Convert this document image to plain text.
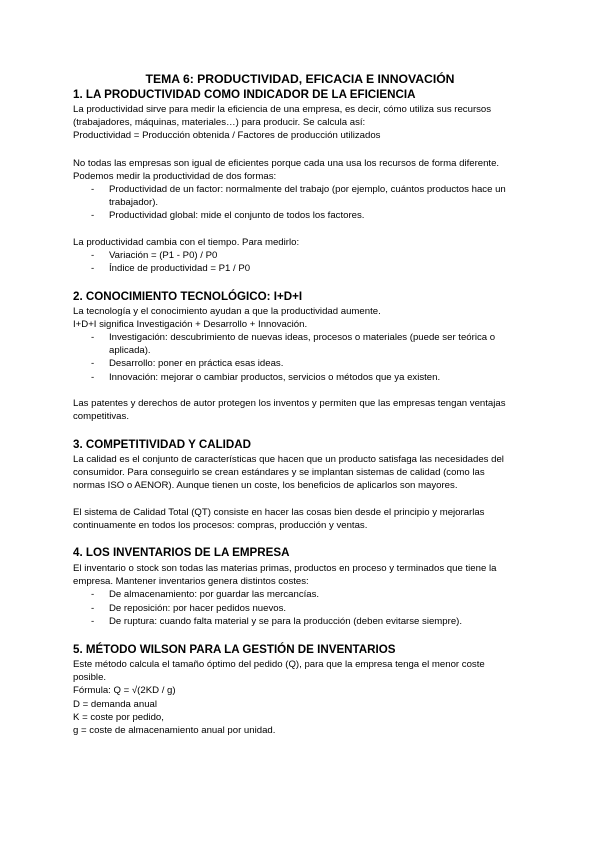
TEMA 6: PRODUCTIVIDAD, EFICACIA E INNOVACIÓN
1. LA PRODUCTIVIDAD COMO INDICADOR DE LA EFICIENCIA
La productividad sirve para medir la eficiencia de una empresa, es decir, cómo utiliza sus recursos
(trabajadores, máquinas, materiales…) para producir. Se calcula así:
Productividad = Producción obtenida / Factores de producción utilizados
No todas las empresas son igual de eficientes porque cada una usa los recursos de forma diferente.
Podemos medir la productividad de dos formas:
- Productividad de un factor: normalmente del trabajo (por ejemplo, cuántos productos hace un
trabajador).
- Productividad global: mide el conjunto de todos los factores.
La productividad cambia con el tiempo. Para medirlo:
- Variación = (P1 - P0) / P0
- Índice de productividad = P1 / P0
2. CONOCIMIENTO TECNOLÓGICO: I+D+I
La tecnología y el conocimiento ayudan a que la productividad aumente.
I+D+I significa Investigación + Desarrollo + Innovación.
- Investigación: descubrimiento de nuevas ideas, procesos o materiales (puede ser teórica o
aplicada).
- Desarrollo: poner en práctica esas ideas.
- Innovación: mejorar o cambiar productos, servicios o métodos que ya existen.
Las patentes y derechos de autor protegen los inventos y permiten que las empresas tengan ventajas
competitivas.
3. COMPETITIVIDAD Y CALIDAD
La calidad es el conjunto de características que hacen que un producto satisfaga las necesidades del
consumidor. Para conseguirlo se crean estándares y se implantan sistemas de calidad (como las
normas ISO o AENOR). Aunque tienen un coste, los beneficios de aplicarlos son mayores.
El sistema de Calidad Total (QT) consiste en hacer las cosas bien desde el principio y mejorarlas
continuamente en todos los procesos: compras, producción y ventas.
4. LOS INVENTARIOS DE LA EMPRESA
El inventario o stock son todas las materias primas, productos en proceso y terminados que tiene la
empresa. Mantener inventarios genera distintos costes:
- De almacenamiento: por guardar las mercancías.
- De reposición: por hacer pedidos nuevos.
- De ruptura: cuando falta material y se para la producción (deben evitarse siempre).
5. MÉTODO WILSON PARA LA GESTIÓN DE INVENTARIOS
Este método calcula el tamaño óptimo del pedido (Q), para que la empresa tenga el menor coste
posible.
Fórmula: Q = √(2KD / g)
D = demanda anual
K = coste por pedido,
g = coste de almacenamiento anual por unidad.
